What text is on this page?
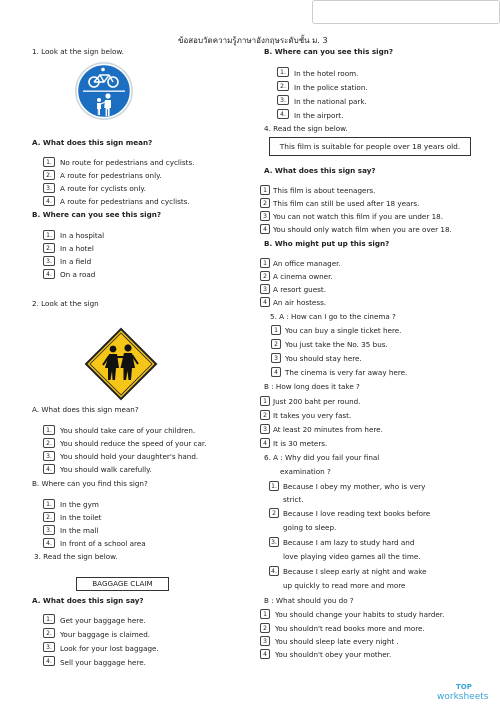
ข้อสอบวัดความรู้ภาษาอังกฤษระดับชั้น ม. 3
1. Look at the sign below.
A. What does this sign mean?
1.	No route for pedestrians and cyclists.
2.	A route for pedestrians only.
3.	A route for cyclists only.
4.	A route for pedestrians and cyclists.
B. Where can you see this sign?
1.	In a hospital
2.	In a hotel
3.	In a field
4.	On a road
2. Look at the sign
A. What does this sign mean?
1.	You should take care of your children.
2.	You should reduce the speed of your car.
3.	You should hold your daughter's hand.
4.	You should walk carefully.
B. Where can you find this sign?
1.	In the gym
2.	In the toilet
3.	In the mall
4.	In front of a school area
3. Read the sign below.
BAGGAGE CLAIM
A. What does this sign say?
1.	Get your baggage here.
2.	Your baggage is claimed.
3.	Look for your lost baggage.
4.	Sell your baggage here.
B. Where can you see this sign?
1.	In the hotel room.
2.	In the police station.
3.	In the national park.
4.	In the airport.
4. Read the sign below.
This film is suitable for people over 18 years old.
A. What does this sign say?
1 This film is about teenagers.
2 This film can still be used after 18 years.
3 You can not watch this film if you are under 18.
4 You should only watch film when you are over 18.
B. Who might put up this sign?
1 An office manager.
2 A cinema owner.
3 A resort guest.
4 An air hostess.
5. A : How can I go to the cinema ?
1 You can buy a single ticket here.
2 You just take the No. 35 bus.
3 You should stay here.
4 The cinema is very far away here.
B : How long does it take ?
1 Just 200 baht per round.
2 It takes you very fast.
3 At least 20 minutes from here.
4 It is 30 meters.
6. A : Why did you fail your final
examination ?
1. Because I obey my mother, who is very
strict.
2 Because I love reading text books before
going to sleep.
3. Because I am lazy to study hard and
love playing video games all the time.
4. Because I sleep early at night and wake
up quickly to read more and more
B : What should you do ?
1	You should change your habits to study harder.
2	You shouldn't read books more and more.
3	You should sleep late every night .
4	You shouldn't obey your mother.
TOP
worksheets
